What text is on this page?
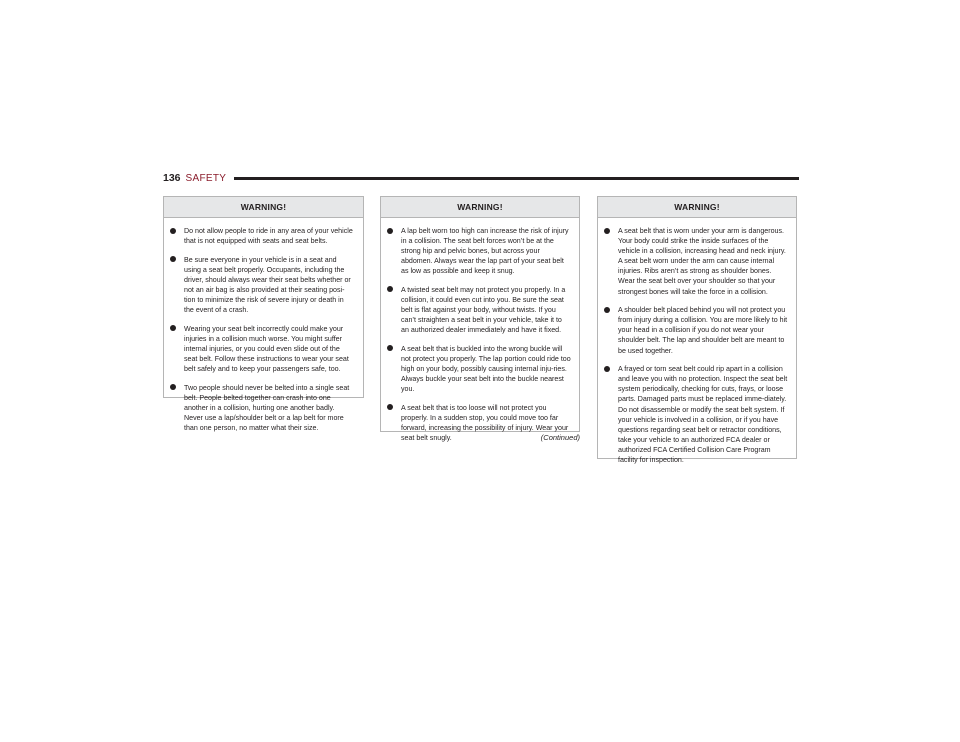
136 SAFETY
WARNING!
Do not allow people to ride in any area of your vehicle that is not equipped with seats and seat belts.
Be sure everyone in your vehicle is in a seat and using a seat belt properly. Occupants, including the driver, should always wear their seat belts whether or not an air bag is also provided at their seating posi-tion to minimize the risk of severe injury or death in the event of a crash.
Wearing your seat belt incorrectly could make your injuries in a collision much worse. You might suffer internal injuries, or you could even slide out of the seat belt. Follow these instructions to wear your seat belt safely and to keep your passengers safe, too.
Two people should never be belted into a single seat belt. People belted together can crash into one another in a collision, hurting one another badly. Never use a lap/shoulder belt or a lap belt for more than one person, no matter what their size.
WARNING!
A lap belt worn too high can increase the risk of injury in a collision. The seat belt forces won’t be at the strong hip and pelvic bones, but across your abdomen. Always wear the lap part of your seat belt as low as possible and keep it snug.
A twisted seat belt may not protect you properly. In a collision, it could even cut into you. Be sure the seat belt is flat against your body, without twists. If you can’t straighten a seat belt in your vehicle, take it to an authorized dealer immediately and have it fixed.
A seat belt that is buckled into the wrong buckle will not protect you properly. The lap portion could ride too high on your body, possibly causing internal inju-ries. Always buckle your seat belt into the buckle nearest you.
A seat belt that is too loose will not protect you properly. In a sudden stop, you could move too far forward, increasing the possibility of injury. Wear your seat belt snugly.	(Continued)
WARNING!
A seat belt that is worn under your arm is dangerous. Your body could strike the inside surfaces of the vehicle in a collision, increasing head and neck injury. A seat belt worn under the arm can cause internal injuries. Ribs aren’t as strong as shoulder bones. Wear the seat belt over your shoulder so that your strongest bones will take the force in a collision.
A shoulder belt placed behind you will not protect you from injury during a collision. You are more likely to hit your head in a collision if you do not wear your shoulder belt. The lap and shoulder belt are meant to be used together.
A frayed or torn seat belt could rip apart in a collision and leave you with no protection. Inspect the seat belt system periodically, checking for cuts, frays, or loose parts. Damaged parts must be replaced imme-diately. Do not disassemble or modify the seat belt system. If your vehicle is involved in a collision, or if you have questions regarding seat belt or retractor conditions, take your vehicle to an authorized FCA dealer or authorized FCA Certified Collision Care Program facility for inspection.
